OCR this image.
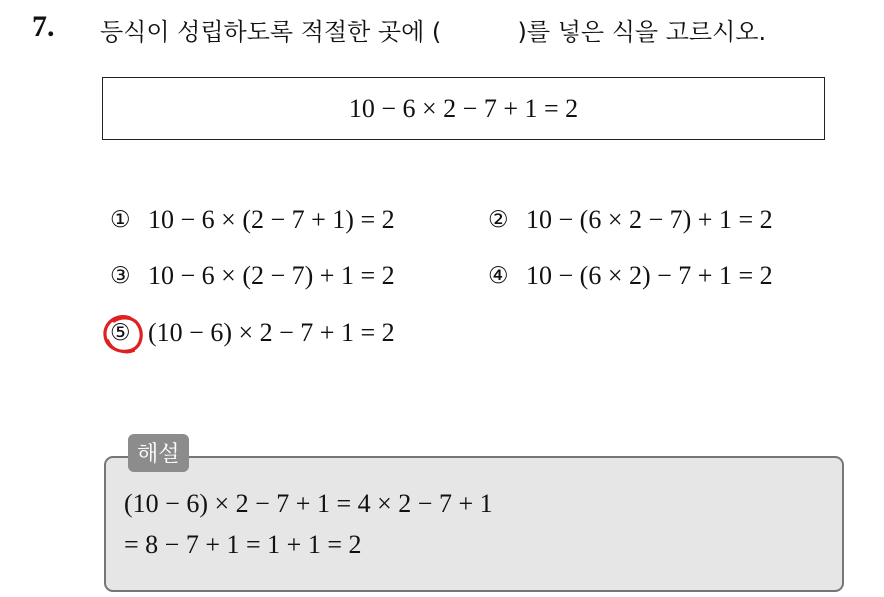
7. 등식이 성립하도록 적절한 곳에 (          )를 넣은 식을 고르시오.
10 − 6 × 2 − 7 + 1 = 2
① 10 − 6 × (2 − 7 + 1) = 2	② 10 − (6 × 2 − 7) + 1 = 2
③ 10 − 6 × (2 − 7) + 1 = 2	④ 10 − (6 × 2) − 7 + 1 = 2
⑤ (10 − 6) × 2 − 7 + 1 = 2
해설
(10 − 6) × 2 − 7 + 1 = 4 × 2 − 7 + 1
= 8 − 7 + 1 = 1 + 1 = 2
